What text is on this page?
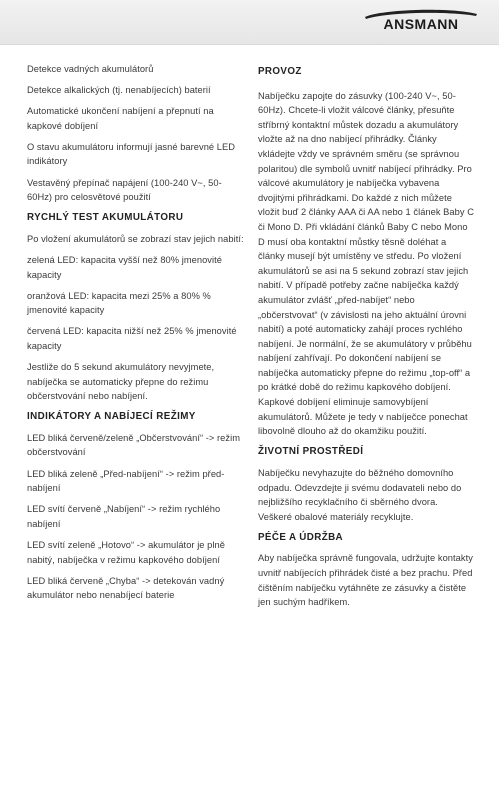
ANSMANN

Detekce vadných akumulátorů

Detekce alkalických (tj. nenabíjecích) baterií

Automatické ukončení nabíjení a přepnutí na kapkové dobíjení

O stavu akumulátoru informují jasné barevné LED indikátory

Vestavěný přepínač napájení (100-240 V~, 50-60Hz) pro celosvětové použití

RYCHLÝ TEST AKUMULÁTORU

Po vložení akumulátorů se zobrazí stav jejich nabití:

zelená LED: kapacita vyšší než 80% jmenovité kapacity

oranžová LED: kapacita mezi 25% a 80% % jmenovité kapacity

červená LED: kapacita nižší než 25% % jmenovité kapacity

Jestliže do 5 sekund akumulátory nevyjmete, nabíječka se automaticky přepne do režimu občerstvování nebo nabíjení.

INDIKÁTORY A NABÍJECÍ REŽIMY

LED bliká červeně/zeleně „Občerstvování“ -> režim občerstvování

LED bliká zeleně „Před-nabíjení“ -> režim před-nabíjení

LED svítí červeně „Nabíjení“ -> režim rychlého nabíjení

LED svítí zeleně „Hotovo“ -> akumulátor je plně nabitý, nabíječka v režimu kapkového dobíjení

LED bliká červeně „Chyba“ -> detekován vadný akumulátor nebo nenabíjecí baterie

PROVOZ

Nabíječku zapojte do zásuvky (100-240 V~, 50-60Hz). Chcete-li vložit válcové články, přesuňte stříbrný kontaktní můstek dozadu a akumulátory vložte až na dno nabíjecí přihrádky. Články vkládejte vždy ve správném směru (se správnou polaritou) dle symbolů uvnitř nabíjecí přihrádky. Pro válcové akumulátory je nabíječka vybavena dvojitými přihrádkami. Do každé z nich můžete vložit buď 2 články AAA či AA nebo 1 článek Baby C či Mono D. Při vkládání článků Baby C nebo Mono D musí oba kontaktní můstky těsně doléhat a články musejí být umístěny ve středu. Po vložení akumulátorů se asi na 5 sekund zobrazí stav jejich nabití. V případě potřeby začne nabíječka každý akumulátor zvlášť „před-nabíjet“ nebo „občerstvovat“ (v závislosti na jeho aktuální úrovni nabití) a poté automaticky zahájí proces rychlého nabíjení. Je normální, že se akumulátory v průběhu nabíjení zahřívají. Po dokončení nabíjení se nabíječka automaticky přepne do režimu „top-off“ a po krátké době do režimu kapkového dobíjení. Kapkové dobíjení eliminuje samovybíjení akumulátorů. Můžete je tedy v nabíječce ponechat libovolně dlouho až do okamžiku použití.

ŽIVOTNÍ PROSTŘEDÍ

Nabíječku nevyhazujte do běžného domovního odpadu. Odevzdejte ji svému dodavateli nebo do nejbližšího recyklačního či sběrného dvora. Veškeré obalové materiály recyklujte.

PÉČE A ÚDRŽBA

Aby nabíječka správně fungovala, udržujte kontakty uvnitř nabíjecích přihrádek čisté a bez prachu. Před čištěním nabíječku vytáhněte ze zásuvky a čistěte jen suchým hadříkem.
